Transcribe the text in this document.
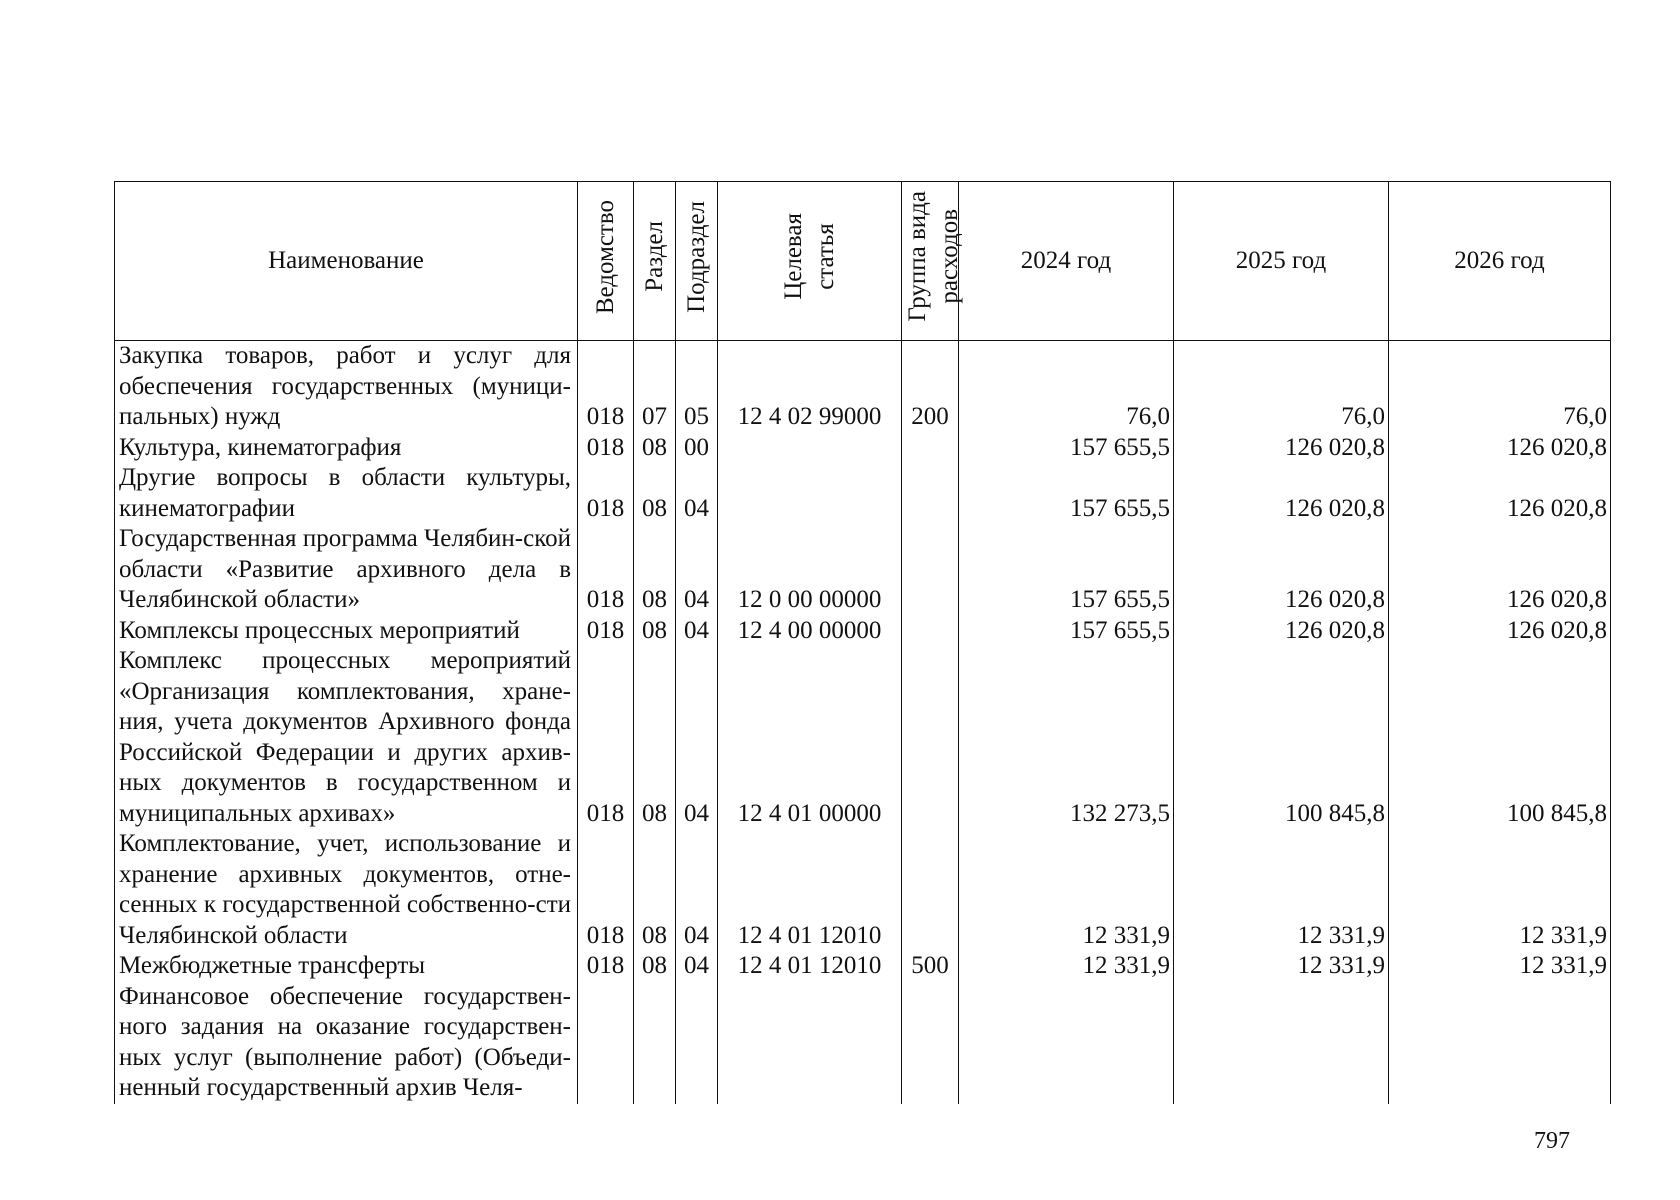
Наименование	Ведомство	Раздел	Подраздел	Целевая статья	Группа вида расходов	2024 год	2025 год	2026 год
Закупка товаров, работ и услуг для обеспечения государственных (муници-пальных) нужд	018	07	05	12 4 02 99000	200	76,0	76,0	76,0
Культура, кинематография	018	08	00			157 655,5	126 020,8	126 020,8
Другие вопросы в области культуры, кинематографии	018	08	04			157 655,5	126 020,8	126 020,8
Государственная программа Челябин-ской области «Развитие архивного дела в Челябинской области»	018	08	04	12 0 00 00000		157 655,5	126 020,8	126 020,8
Комплексы процессных мероприятий	018	08	04	12 4 00 00000		157 655,5	126 020,8	126 020,8
Комплекс процессных мероприятий «Организация комплектования, хране-ния, учета документов Архивного фонда Российской Федерации и других архив-ных документов в государственном и муниципальных архивах»	018	08	04	12 4 01 00000		132 273,5	100 845,8	100 845,8
Комплектование, учет, использование и хранение архивных документов, отне-сенных к государственной собственно-сти Челябинской области	018	08	04	12 4 01 12010		12 331,9	12 331,9	12 331,9
Межбюджетные трансферты	018	08	04	12 4 01 12010	500	12 331,9	12 331,9	12 331,9
Финансовое обеспечение государствен-ного задания на оказание государствен-ных услуг (выполнение работ) (Объеди-ненный государственный архив Челя-								
797
